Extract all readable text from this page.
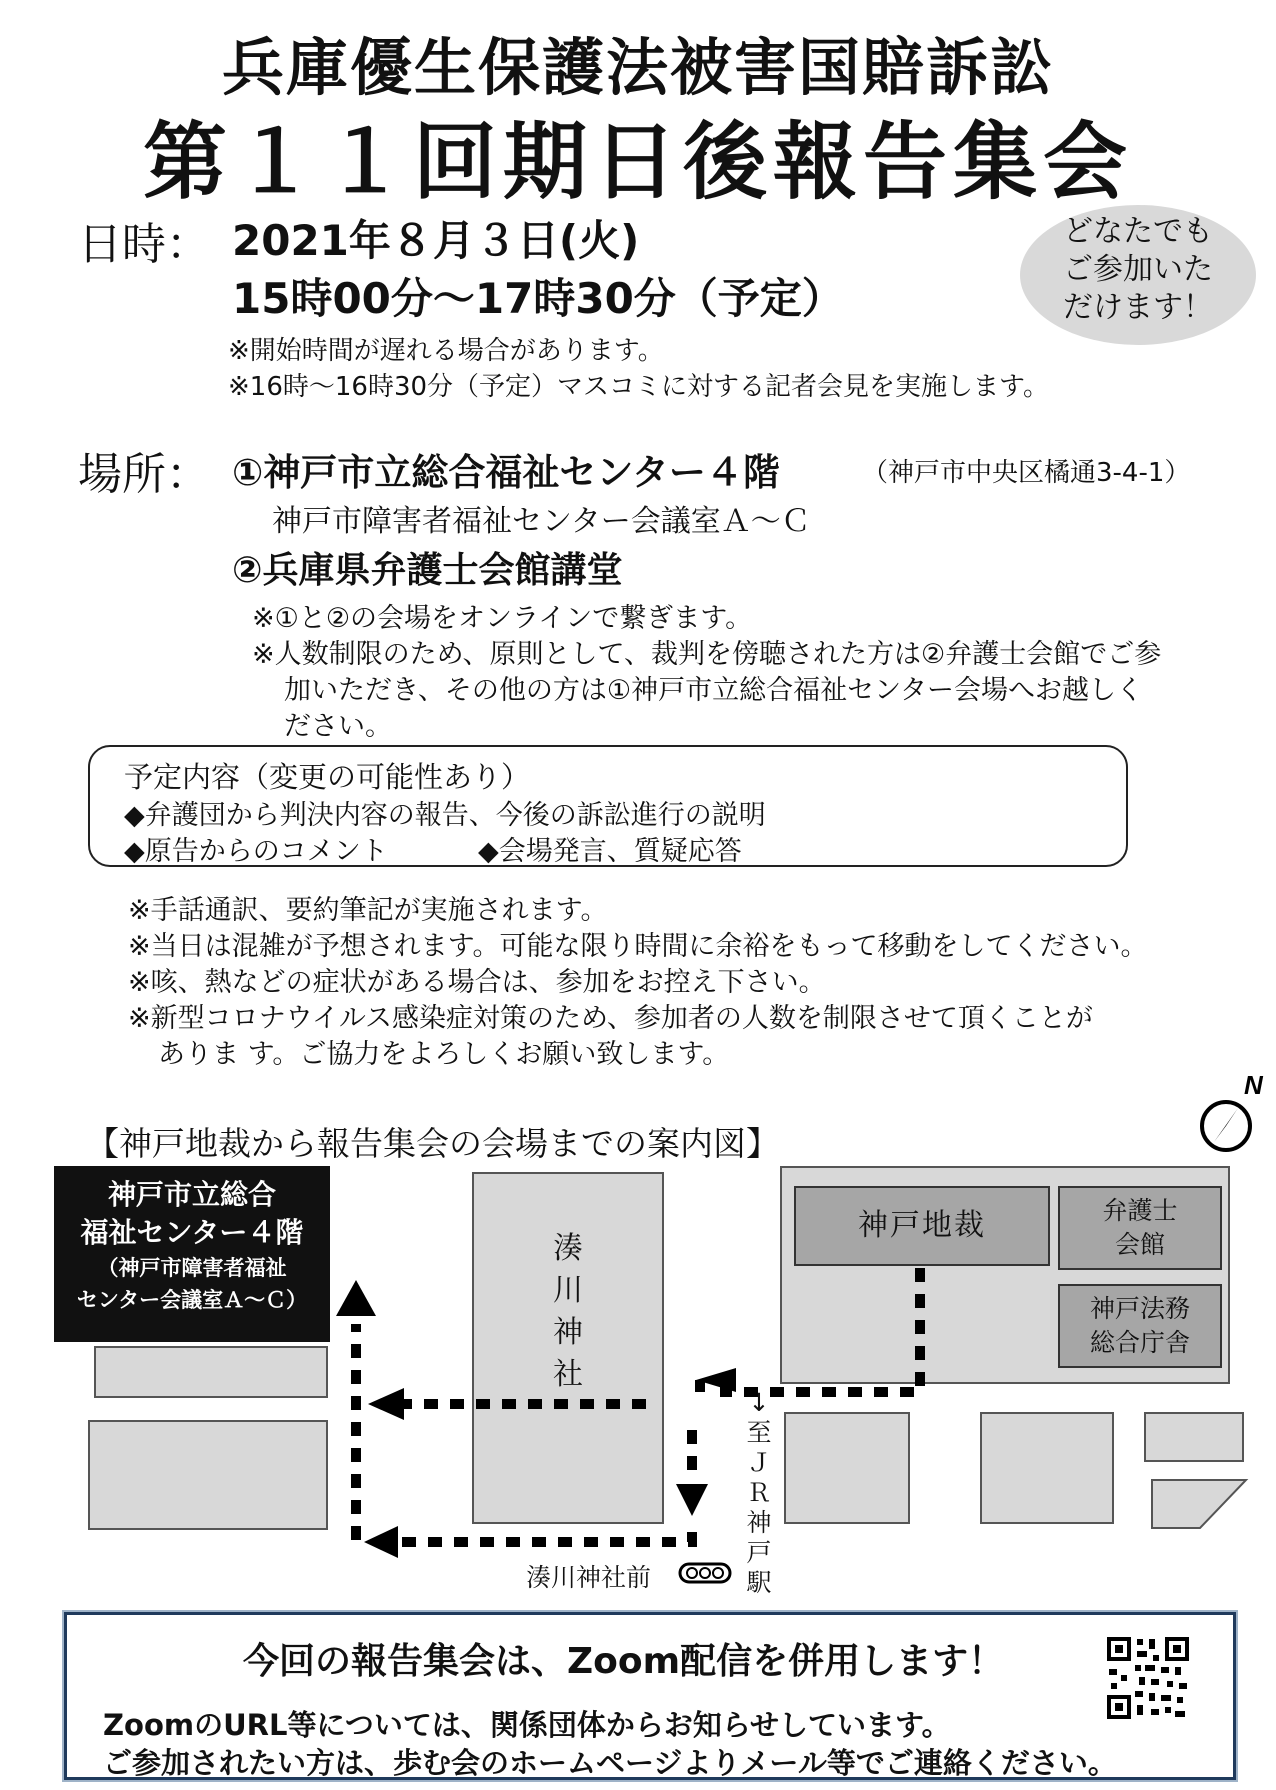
兵庫優生保護法被害国賠訴訟
第１１回期日後報告集会
日時： 2021年８月３日(火)
15時00分～17時30分（予定）
※開始時間が遅れる場合があります。
※16時～16時30分（予定）マスコミに対する記者会見を実施します。
どなたでも
ご参加いた
だけます！
場所： ①神戸市立総合福祉センター４階	（神戸市中央区橘通3-4-1）
神戸市障害者福祉センター会議室Ａ～Ｃ
②兵庫県弁護士会館講堂
※①と②の会場をオンラインで繋ぎます。
※人数制限のため、原則として、裁判を傍聴された方は②弁護士会館でご参
加いただき、その他の方は①神戸市立総合福祉センター会場へお越しく
ださい。
予定内容（変更の可能性あり）
◆弁護団から判決内容の報告、今後の訴訟進行の説明
◆原告からのコメント	◆会場発言、質疑応答
※手話通訳、要約筆記が実施されます。
※当日は混雑が予想されます。可能な限り時間に余裕をもって移動をしてください。
※咳、熱などの症状がある場合は、参加をお控え下さい。
※新型コロナウイルス感染症対策のため、参加者の人数を制限させて頂くことが
ありま す。ご協力をよろしくお願い致します。
【神戸地裁から報告集会の会場までの案内図】
N
神戸市立総合
福祉センター４階
（神戸市障害者福祉
センター会議室Ａ～Ｃ）
湊
川
神
社
神戸地裁	弁護士
会館
神戸法務
総合庁舎
↓
至
Ｊ
Ｒ
神
戸
駅
湊川神社前
今回の報告集会は、Zoom配信を併用します！
ZoomのURL等については、関係団体からお知らせしています。
ご参加されたい方は、歩む会のホームページよりメール等でご連絡ください。
